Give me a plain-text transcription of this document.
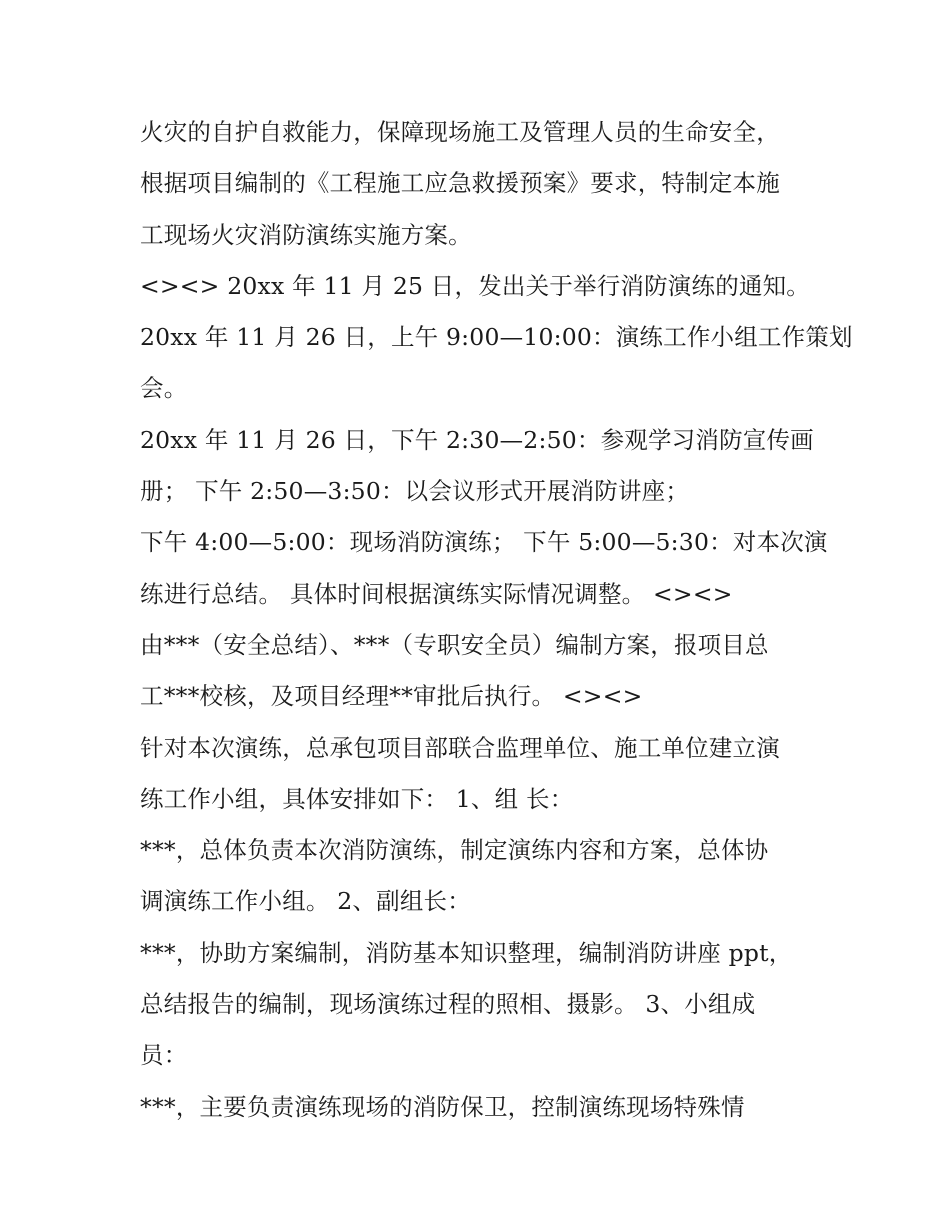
火灾的自护自救能力，保障现场施工及管理人员的生命安全，
根据项目编制的《工程施工应急救援预案》要求，特制定本施
工现场火灾消防演练实施方案。
<><> 20xx 年 11 月 25 日，发出关于举行消防演练的通知。
20xx 年 11 月 26 日，上午 9:00—10:00：演练工作小组工作策划
会。
20xx 年 11 月 26 日，下午 2:30—2:50：参观学习消防宣传画
册； 下午 2:50—3:50：以会议形式开展消防讲座；
下午 4:00—5:00：现场消防演练； 下午 5:00—5:30：对本次演
练进行总结。 具体时间根据演练实际情况调整。 <><>
由***（安全总结）、***（专职安全员）编制方案，报项目总
工***校核，及项目经理**审批后执行。 <><>
针对本次演练，总承包项目部联合监理单位、施工单位建立演
练工作小组，具体安排如下： 1、组 长：
***，总体负责本次消防演练，制定演练内容和方案，总体协
调演练工作小组。 2、副组长：
***，协助方案编制，消防基本知识整理，编制消防讲座 ppt，
总结报告的编制，现场演练过程的照相、摄影。 3、小组成
员：
***，主要负责演练现场的消防保卫，控制演练现场特殊情
